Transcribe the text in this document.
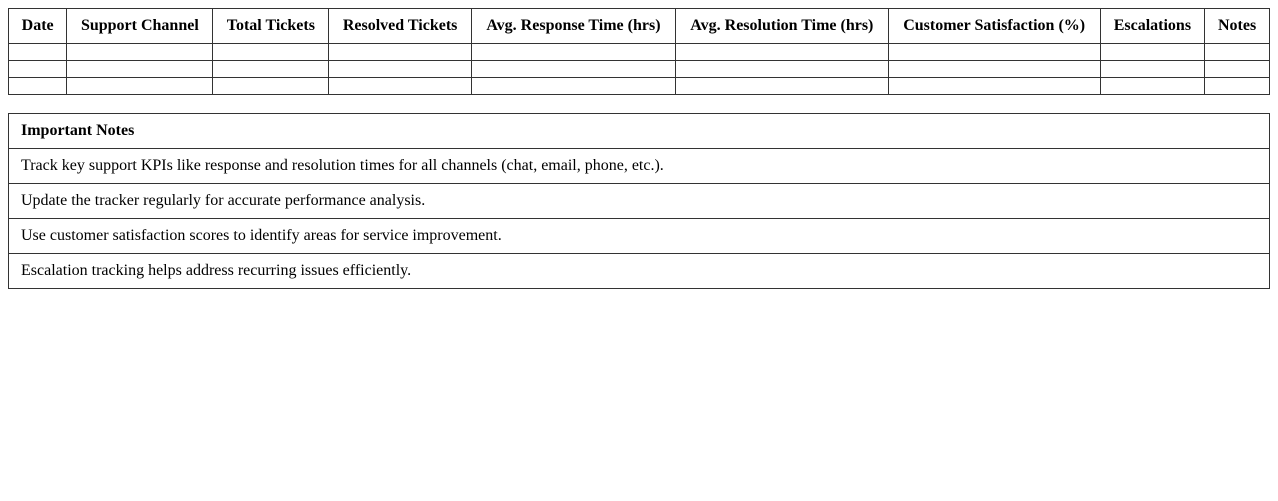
Date	Support Channel	Total Tickets	Resolved Tickets	Avg. Response Time (hrs)	Avg. Resolution Time (hrs)	Customer Satisfaction (%)	Escalations	Notes

Important Notes
Track key support KPIs like response and resolution times for all channels (chat, email, phone, etc.).
Update the tracker regularly for accurate performance analysis.
Use customer satisfaction scores to identify areas for service improvement.
Escalation tracking helps address recurring issues efficiently.
